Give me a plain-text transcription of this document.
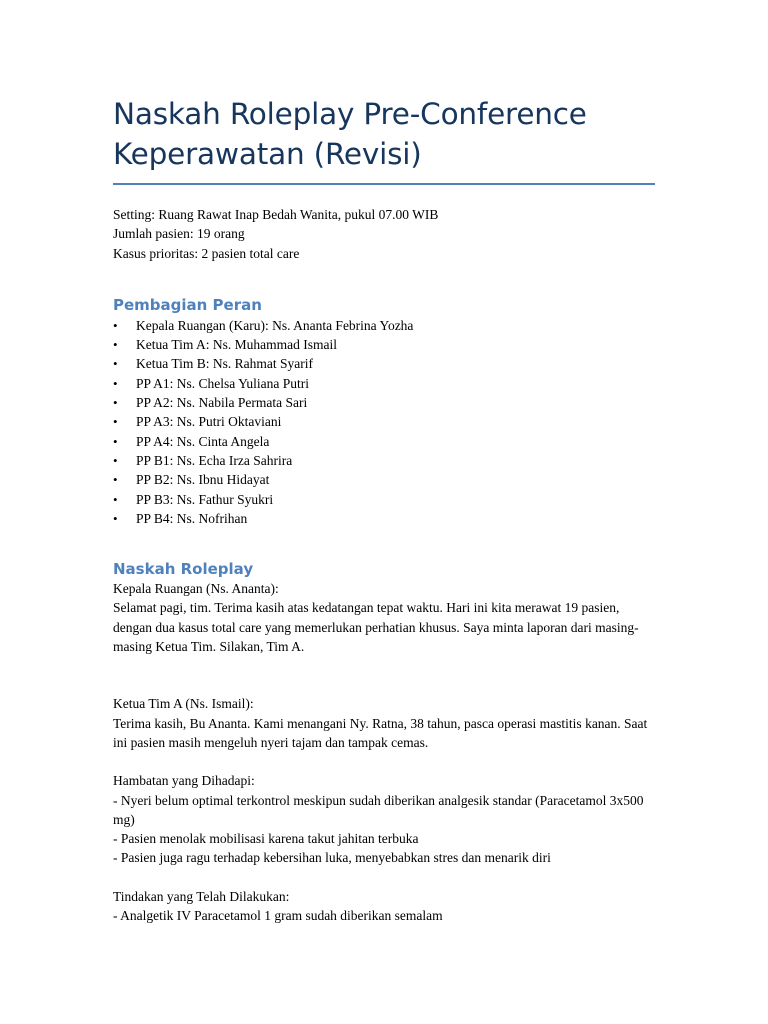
Naskah Roleplay Pre-Conference Keperawatan (Revisi)

Setting: Ruang Rawat Inap Bedah Wanita, pukul 07.00 WIB

Jumlah pasien: 19 orang

Kasus prioritas: 2 pasien total care

Pembagian Peran
• Kepala Ruangan (Karu): Ns. Ananta Febrina Yozha
• Ketua Tim A: Ns. Muhammad Ismail
• Ketua Tim B: Ns. Rahmat Syarif
• PP A1: Ns. Chelsa Yuliana Putri
• PP A2: Ns. Nabila Permata Sari
• PP A3: Ns. Putri Oktaviani
• PP A4: Ns. Cinta Angela
• PP B1: Ns. Echa Irza Sahrira
• PP B2: Ns. Ibnu Hidayat
• PP B3: Ns. Fathur Syukri
• PP B4: Ns. Nofrihan
Naskah Roleplay

Kepala Ruangan (Ns. Ananta):

Selamat pagi, tim. Terima kasih atas kedatangan tepat waktu. Hari ini kita merawat 19 pasien, dengan dua kasus total care yang memerlukan perhatian khusus. Saya minta laporan dari masing-masing Ketua Tim. Silakan, Tim A.

Ketua Tim A (Ns. Ismail):

Terima kasih, Bu Ananta. Kami menangani Ny. Ratna, 38 tahun, pasca operasi mastitis kanan. Saat ini pasien masih mengeluh nyeri tajam dan tampak cemas.

Hambatan yang Dihadapi:

- Nyeri belum optimal terkontrol meskipun sudah diberikan analgesik standar (Paracetamol 3x500 mg)

- Pasien menolak mobilisasi karena takut jahitan terbuka

- Pasien juga ragu terhadap kebersihan luka, menyebabkan stres dan menarik diri

Tindakan yang Telah Dilakukan:

- Analgetik IV Paracetamol 1 gram sudah diberikan semalam
